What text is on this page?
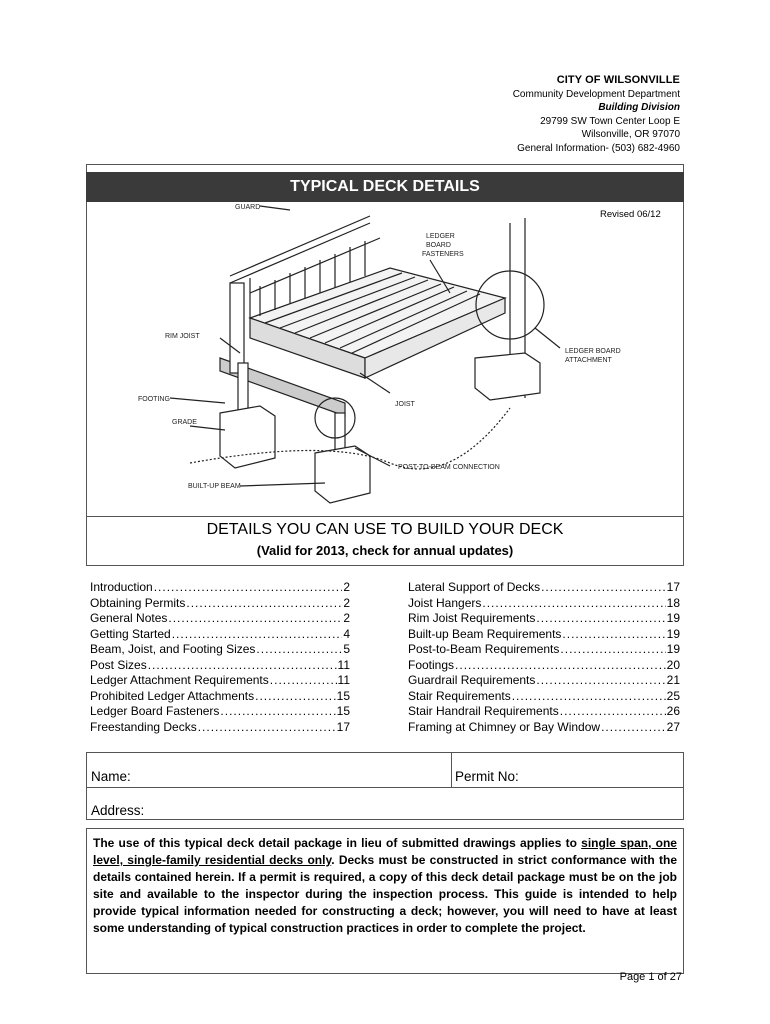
CITY OF WILSONVILLE
Community Development Department
Building Division
29799 SW Town Center Loop E
Wilsonville, OR 97070
General Information- (503) 682-4960
TYPICAL DECK DETAILS
Revised 06/12
GUARD
LEDGER
BOARD
FASTENERS
RIM JOIST
LEDGER BOARD
ATTACHMENT
FOOTING
GRADE
JOIST
POST-TO-BEAM CONNECTION
BUILT-UP BEAM
DETAILS YOU CAN USE TO BUILD YOUR DECK
(Valid for 2013, check for annual updates)
Introduction .....	2
Obtaining Permits .....	2
General Notes .....	2
Getting Started .....	4
Beam, Joist, and Footing Sizes .....	5
Post Sizes .....	11
Ledger Attachment Requirements .....	11
Prohibited Ledger Attachments .....	15
Ledger Board Fasteners .....	15
Freestanding Decks .....	17
Lateral Support of Decks .....	17
Joist Hangers .....	18
Rim Joist Requirements .....	19
Built-up Beam Requirements .....	19
Post-to-Beam Requirements .....	19
Footings .....	20
Guardrail Requirements .....	21
Stair Requirements .....	25
Stair Handrail Requirements .....	26
Framing at Chimney or Bay Window .....	27
Name:	Permit No:
Address:
The use of this typical deck detail package in lieu of submitted drawings applies to single span, one level, single-family residential decks only. Decks must be constructed in strict conformance with the details contained herein. If a permit is required, a copy of this deck detail package must be on the job site and available to the inspector during the inspection process. This guide is intended to help provide typical information needed for constructing a deck; however, you will need to have at least some understanding of typical construction practices in order to complete the project.
Page 1 of 27
